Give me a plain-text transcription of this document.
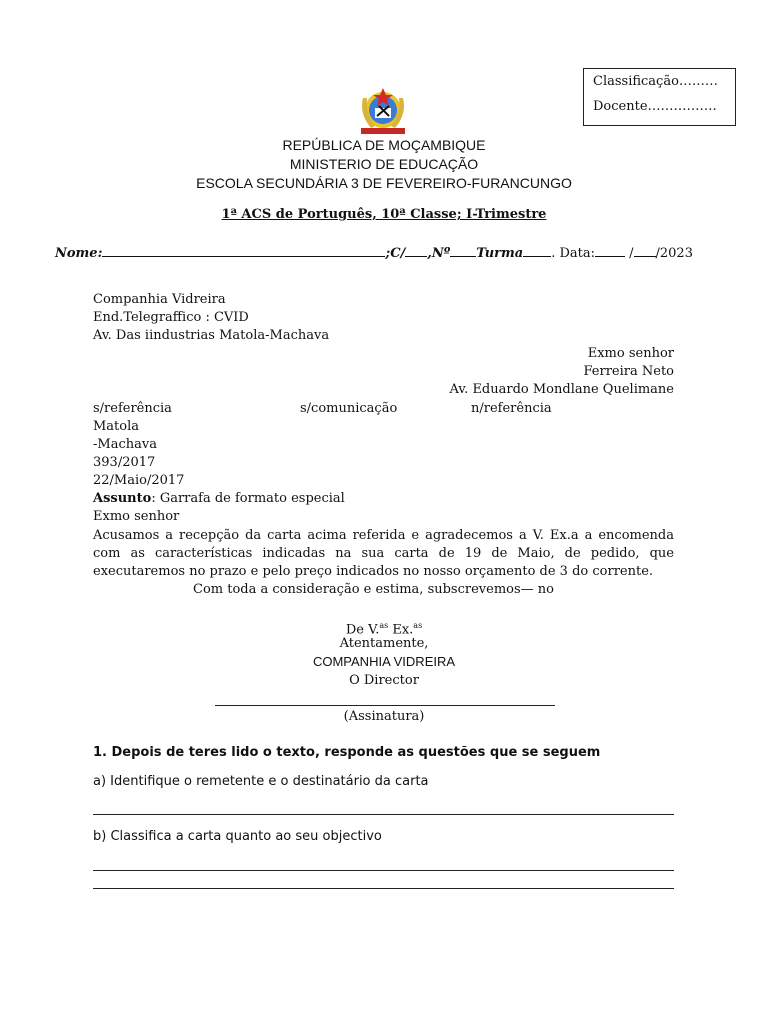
Classificação………
Docente…………….
REPÚBLICA DE MOÇAMBIQUE
MINISTERIO DE EDUCAÇÃO
ESCOLA SECUNDÁRIA 3 DE FEVEREIRO-FURANCUNGO
1ª ACS de Português, 10ª Classe; I-Trimestre
Nome:	;C/ ,Nº Turma . Data: / /2023
Companhia Vidreira
End.Telegraffico : CVID
Av. Das iindustrias Matola-Machava
Exmo senhor
Ferreira Neto
Av. Eduardo Mondlane Quelimane
s/referência	s/comunicação	n/referência
Matola
-Machava
393/2017
22/Maio/2017
Assunto: Garrafa de formato especial
Exmo senhor
Acusamos a recepção da carta acima referida e agradecemos a V. Ex.a a encomenda com as características indicadas na sua carta de 19 de Maio, de pedido, que executaremos no prazo e pelo preço indicados no nosso orçamento de 3 do corrente.
Com toda a consideração e estima, subscrevemos— no
De V.$^{as}$ Ex.$^{as}$
Atentamente,
COMPANHIA VIDREIRA
O Director
(Assinatura)
1. Depois de teres lido o texto, responde as questões que se seguem
a) Identifique o remetente e o destinatário da carta
b) Classifica a carta quanto ao seu objectivo
